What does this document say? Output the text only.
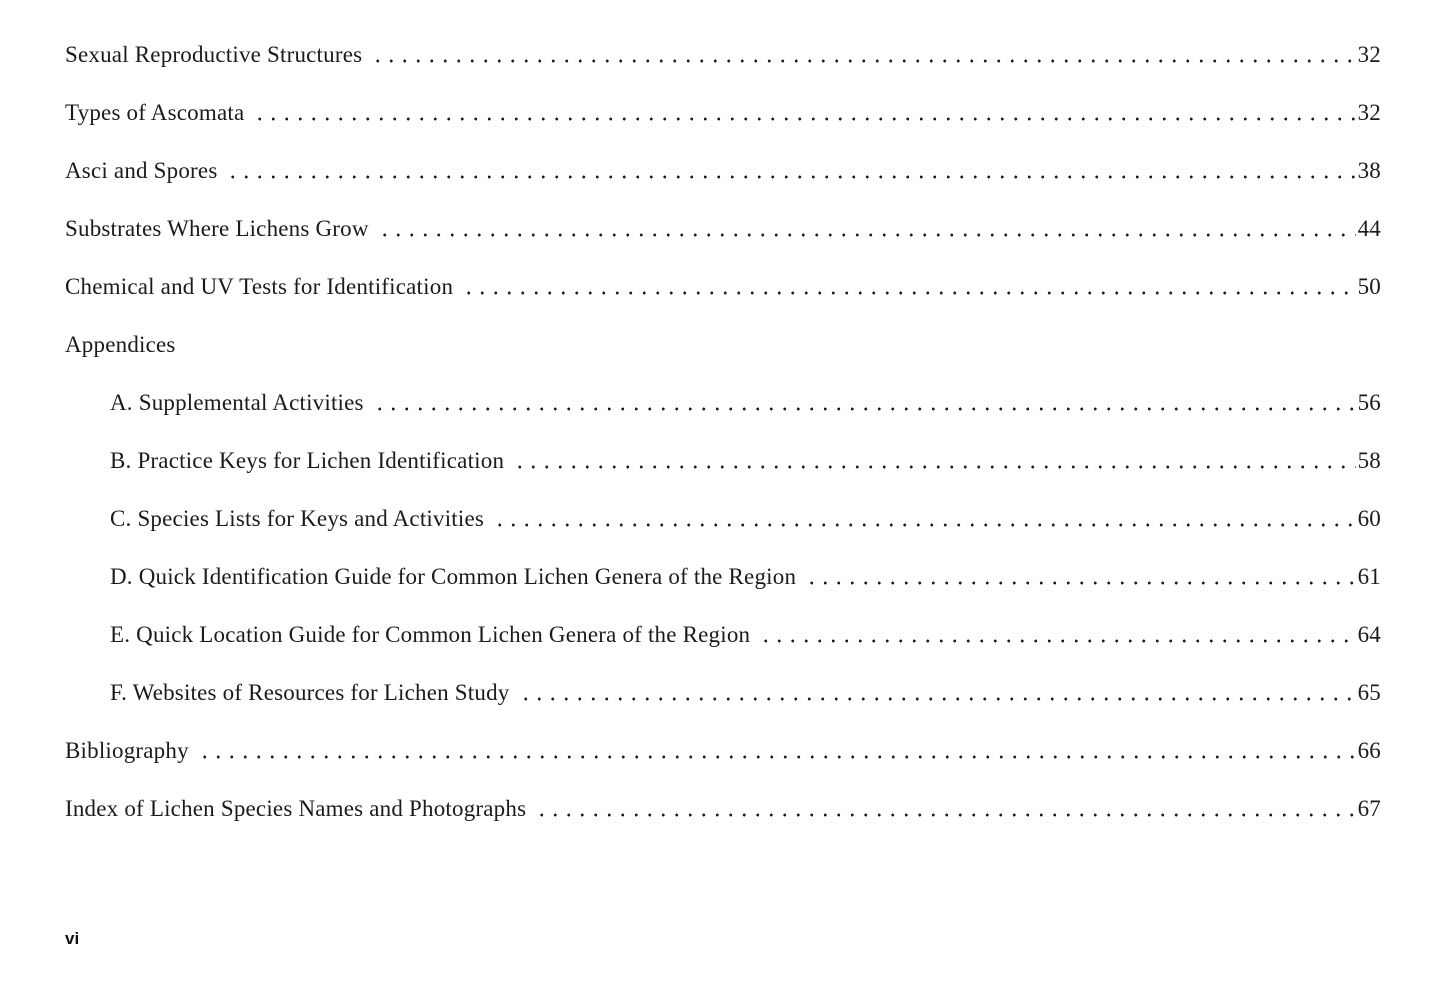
Sexual Reproductive Structures	32
Types of Ascomata	32
Asci and Spores	38
Substrates Where Lichens Grow	44
Chemical and UV Tests for Identification	50
Appendices
A. Supplemental Activities	56
B. Practice Keys for Lichen Identification	58
C. Species Lists for Keys and Activities	60
D. Quick Identification Guide for Common Lichen Genera of the Region	61
E. Quick Location Guide for Common Lichen Genera of the Region	64
F. Websites of Resources for Lichen Study	65
Bibliography	66
Index of Lichen Species Names and Photographs	67
vi
